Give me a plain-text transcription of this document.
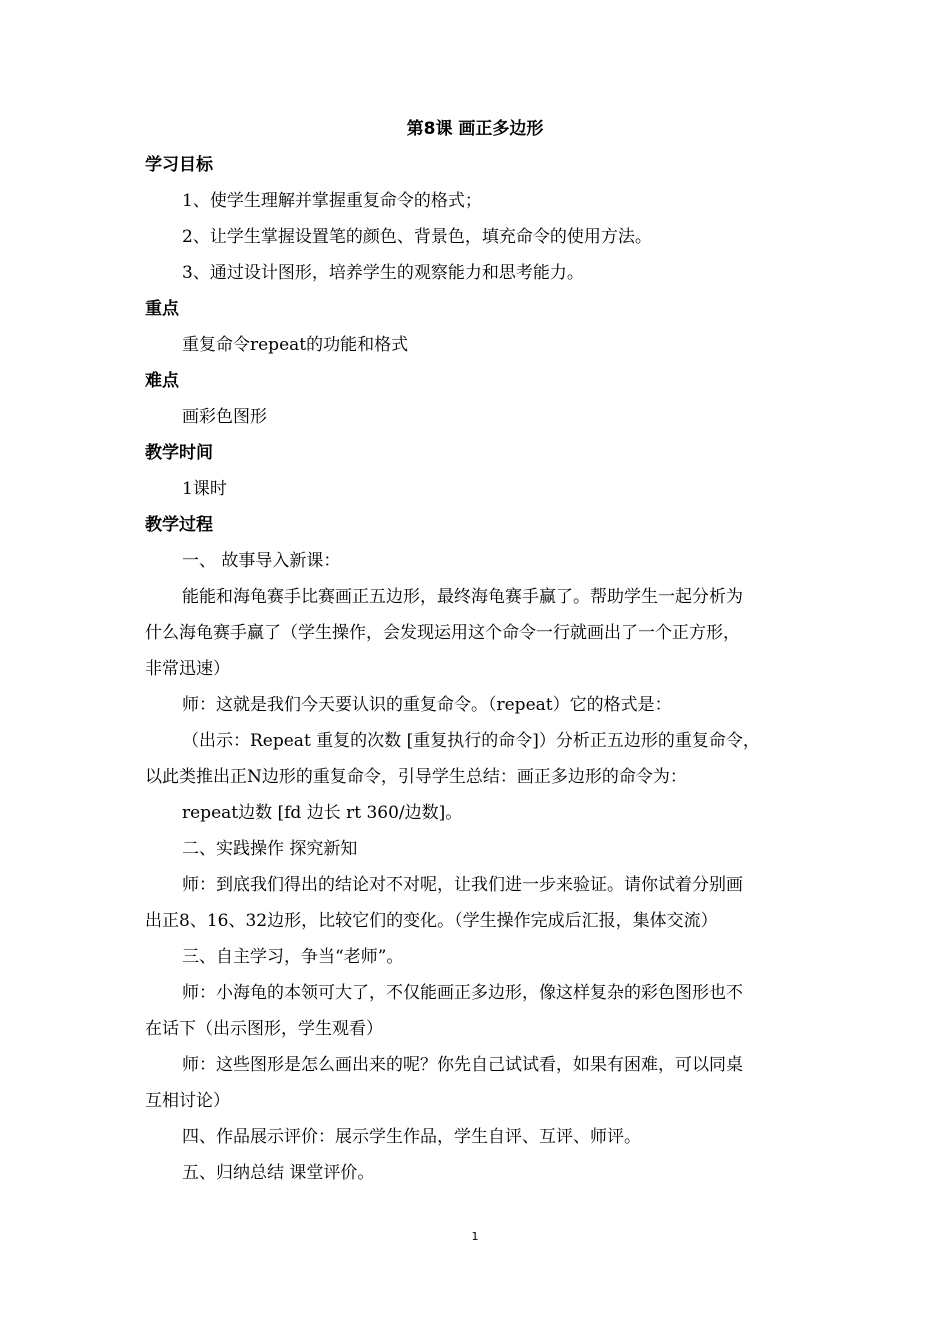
第8课 画正多边形
学习目标
1、使学生理解并掌握重复命令的格式；
2、让学生掌握设置笔的颜色、背景色，填充命令的使用方法。
3、通过设计图形，培养学生的观察能力和思考能力。
重点
重复命令repeat的功能和格式
难点
画彩色图形
教学时间
1课时
教学过程
一、 故事导入新课：
能能和海龟赛手比赛画正五边形，最终海龟赛手赢了。帮助学生一起分析为
什么海龟赛手赢了（学生操作，会发现运用这个命令一行就画出了一个正方形，
非常迅速）
师：这就是我们今天要认识的重复命令。（repeat）它的格式是：
（出示：Repeat 重复的次数 [重复执行的命令]）分析正五边形的重复命令，
以此类推出正N边形的重复命令，引导学生总结：画正多边形的命令为：
repeat边数 [fd 边长 rt 360/边数]。
二、实践操作 探究新知
师：到底我们得出的结论对不对呢，让我们进一步来验证。请你试着分别画
出正8、16、32边形，比较它们的变化。（学生操作完成后汇报，集体交流）
三、自主学习，争当“老师”。
师：小海龟的本领可大了，不仅能画正多边形，像这样复杂的彩色图形也不
在话下（出示图形，学生观看）
师：这些图形是怎么画出来的呢？你先自己试试看，如果有困难，可以同桌
互相讨论）
四、作品展示评价：展示学生作品，学生自评、互评、师评。
五、归纳总结 课堂评价。
1
